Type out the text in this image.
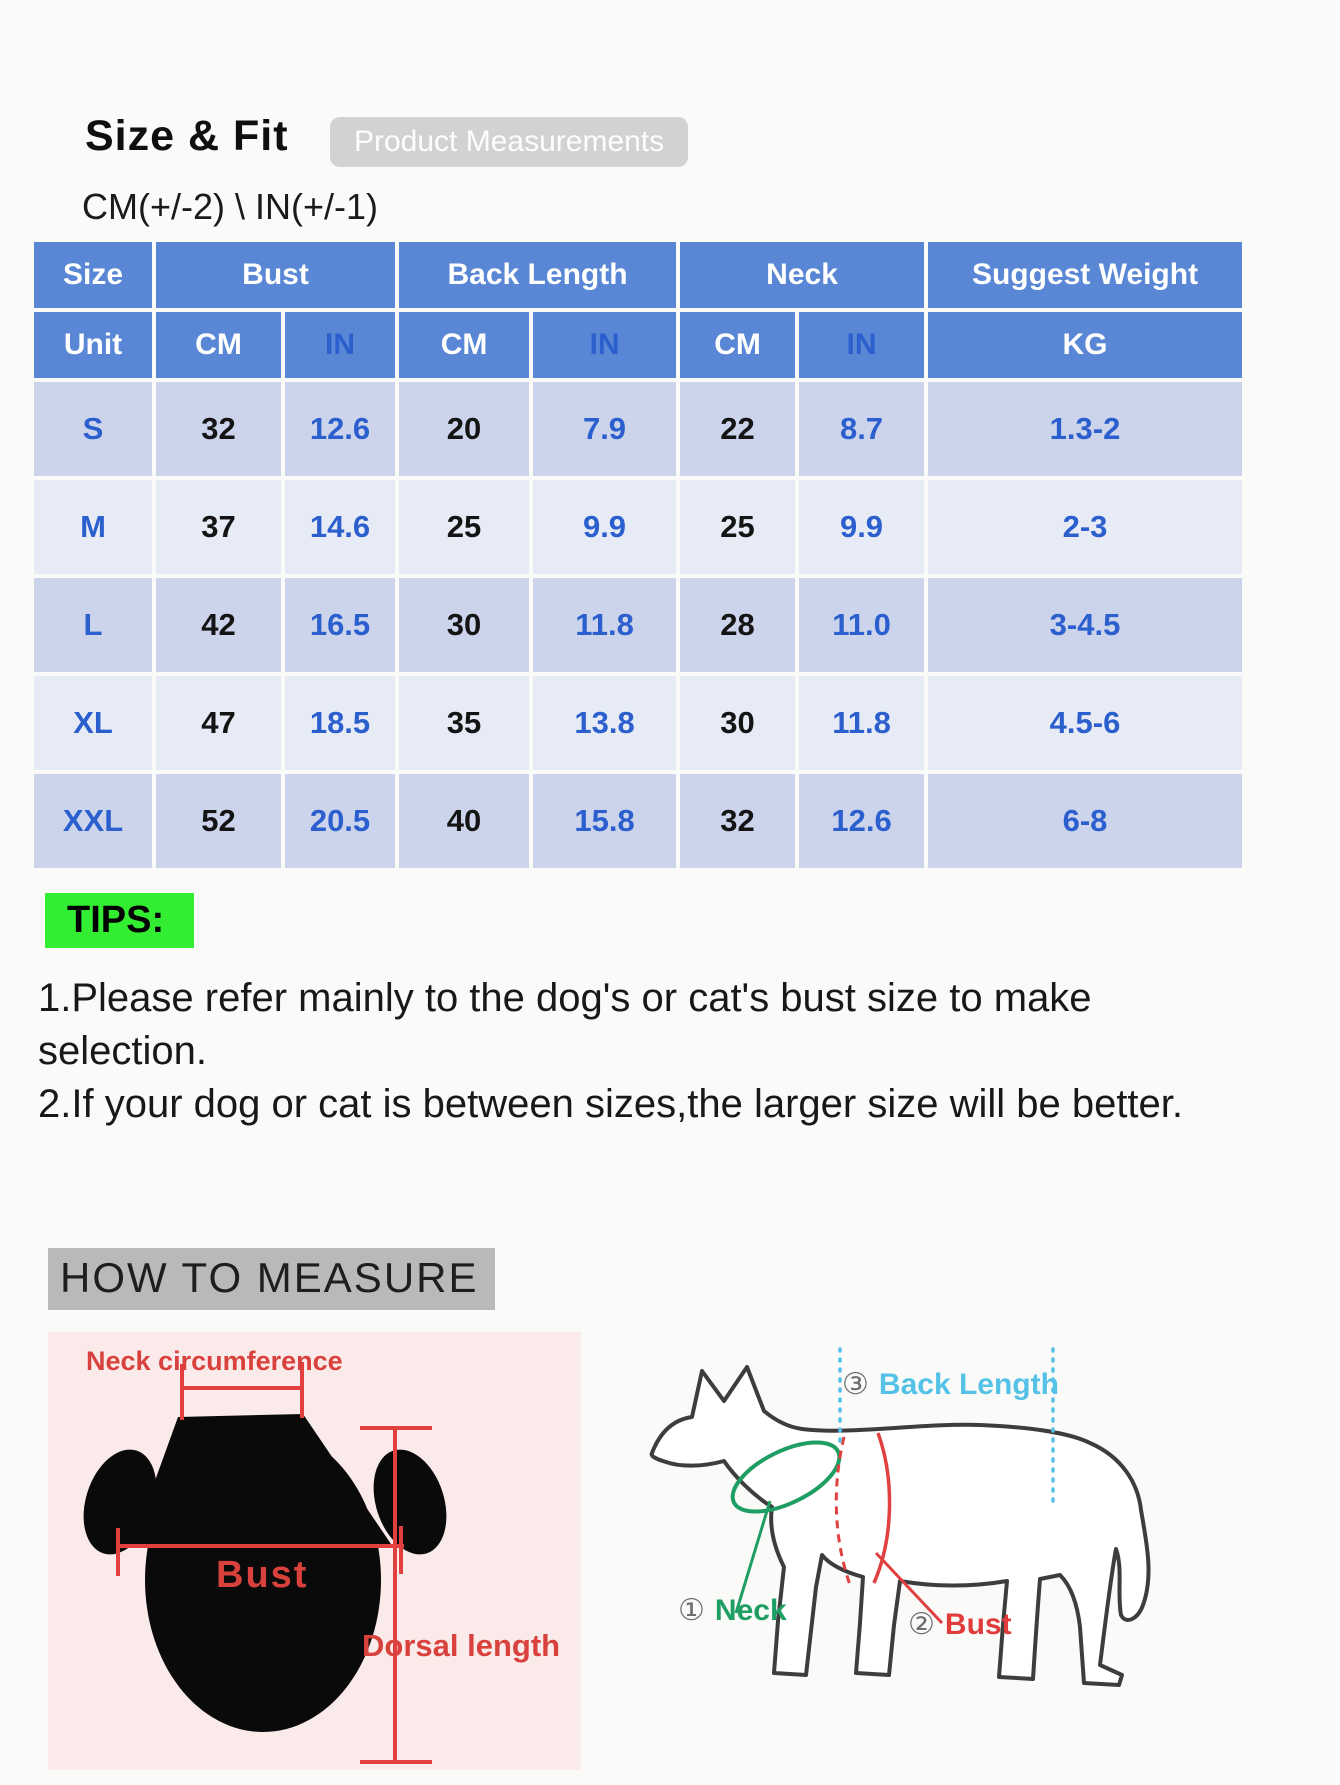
Size & Fit	Product Measurements
CM(+/-2) \ IN(+/-1)
Size	Bust		Back Length		Neck		Suggest Weight
Unit	CM	IN	CM	IN	CM	IN	KG
S	32	12.6	20	7.9	22	8.7	1.3-2
M	37	14.6	25	9.9	25	9.9	2-3
L	42	16.5	30	11.8	28	11.0	3-4.5
XL	47	18.5	35	13.8	30	11.8	4.5-6
XXL	52	20.5	40	15.8	32	12.6	6-8
TIPS:
1.Please refer mainly to the dog's or cat's bust size to make selection.
2.If your dog or cat is between sizes,the larger size will be better.
HOW TO MEASURE
Neck circumference
Bust
Dorsal length
③ Back Length
① Neck	② Bust
